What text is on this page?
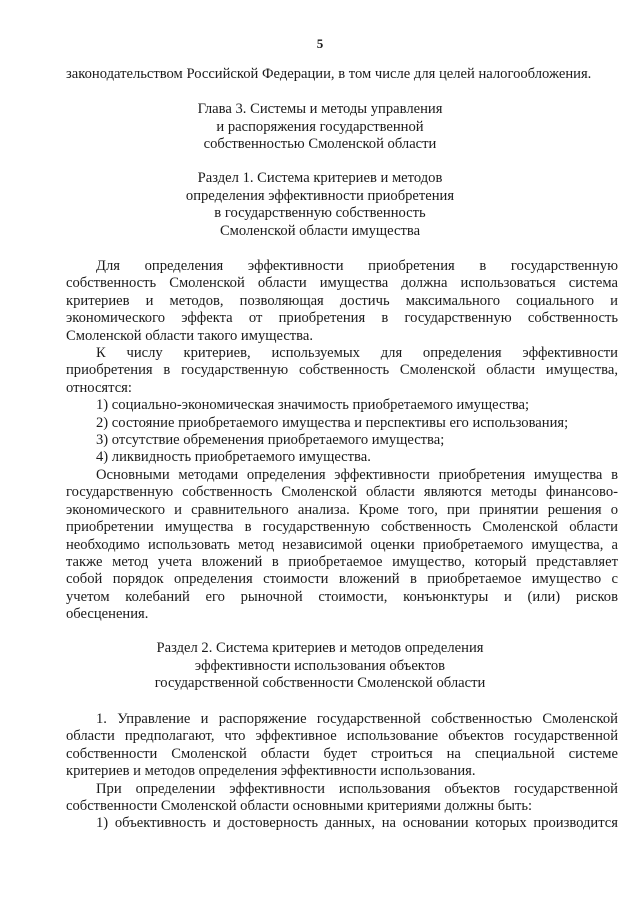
5

законодательством Российской Федерации, в том числе для целей налогообложения.

Глава 3. Системы и методы управления
и распоряжения государственной
собственностью Смоленской области
Раздел 1. Система критериев и методов
определения эффективности приобретения
в государственную собственность
Смоленской области имущества

Для определения эффективности приобретения в государственную

собственность Смоленской области имущества должна использоваться система

критериев и методов, позволяющая достичь максимального социального и

экономического эффекта от приобретения в государственную собственность

Смоленской области такого имущества.

К числу критериев, используемых для определения эффективности

приобретения в государственную собственность Смоленской области имущества,

относятся:

1) социально-экономическая значимость приобретаемого имущества;

2) состояние приобретаемого имущества и перспективы его использования;

3) отсутствие обременения приобретаемого имущества;

4) ликвидность приобретаемого имущества.

Основными методами определения эффективности приобретения имущества в

государственную собственность Смоленской области являются методы финансово-

экономического и сравнительного анализа. Кроме того, при принятии решения о

приобретении имущества в государственную собственность Смоленской области

необходимо использовать метод независимой оценки приобретаемого имущества, а

также метод учета вложений в приобретаемое имущество, который представляет

собой порядок определения стоимости вложений в приобретаемое имущество с

учетом колебаний его рыночной стоимости, конъюнктуры и (или) рисков

обесценения.

Раздел 2. Система критериев и методов определения
эффективности использования объектов
государственной собственности Смоленской области

1. Управление и распоряжение государственной собственностью Смоленской

области предполагают, что эффективное использование объектов государственной

собственности Смоленской области будет строиться на специальной системе

критериев и методов определения эффективности использования.

При определении эффективности использования объектов государственной

собственности Смоленской области основными критериями должны быть:

1) объективность и достоверность данных, на основании которых производится
